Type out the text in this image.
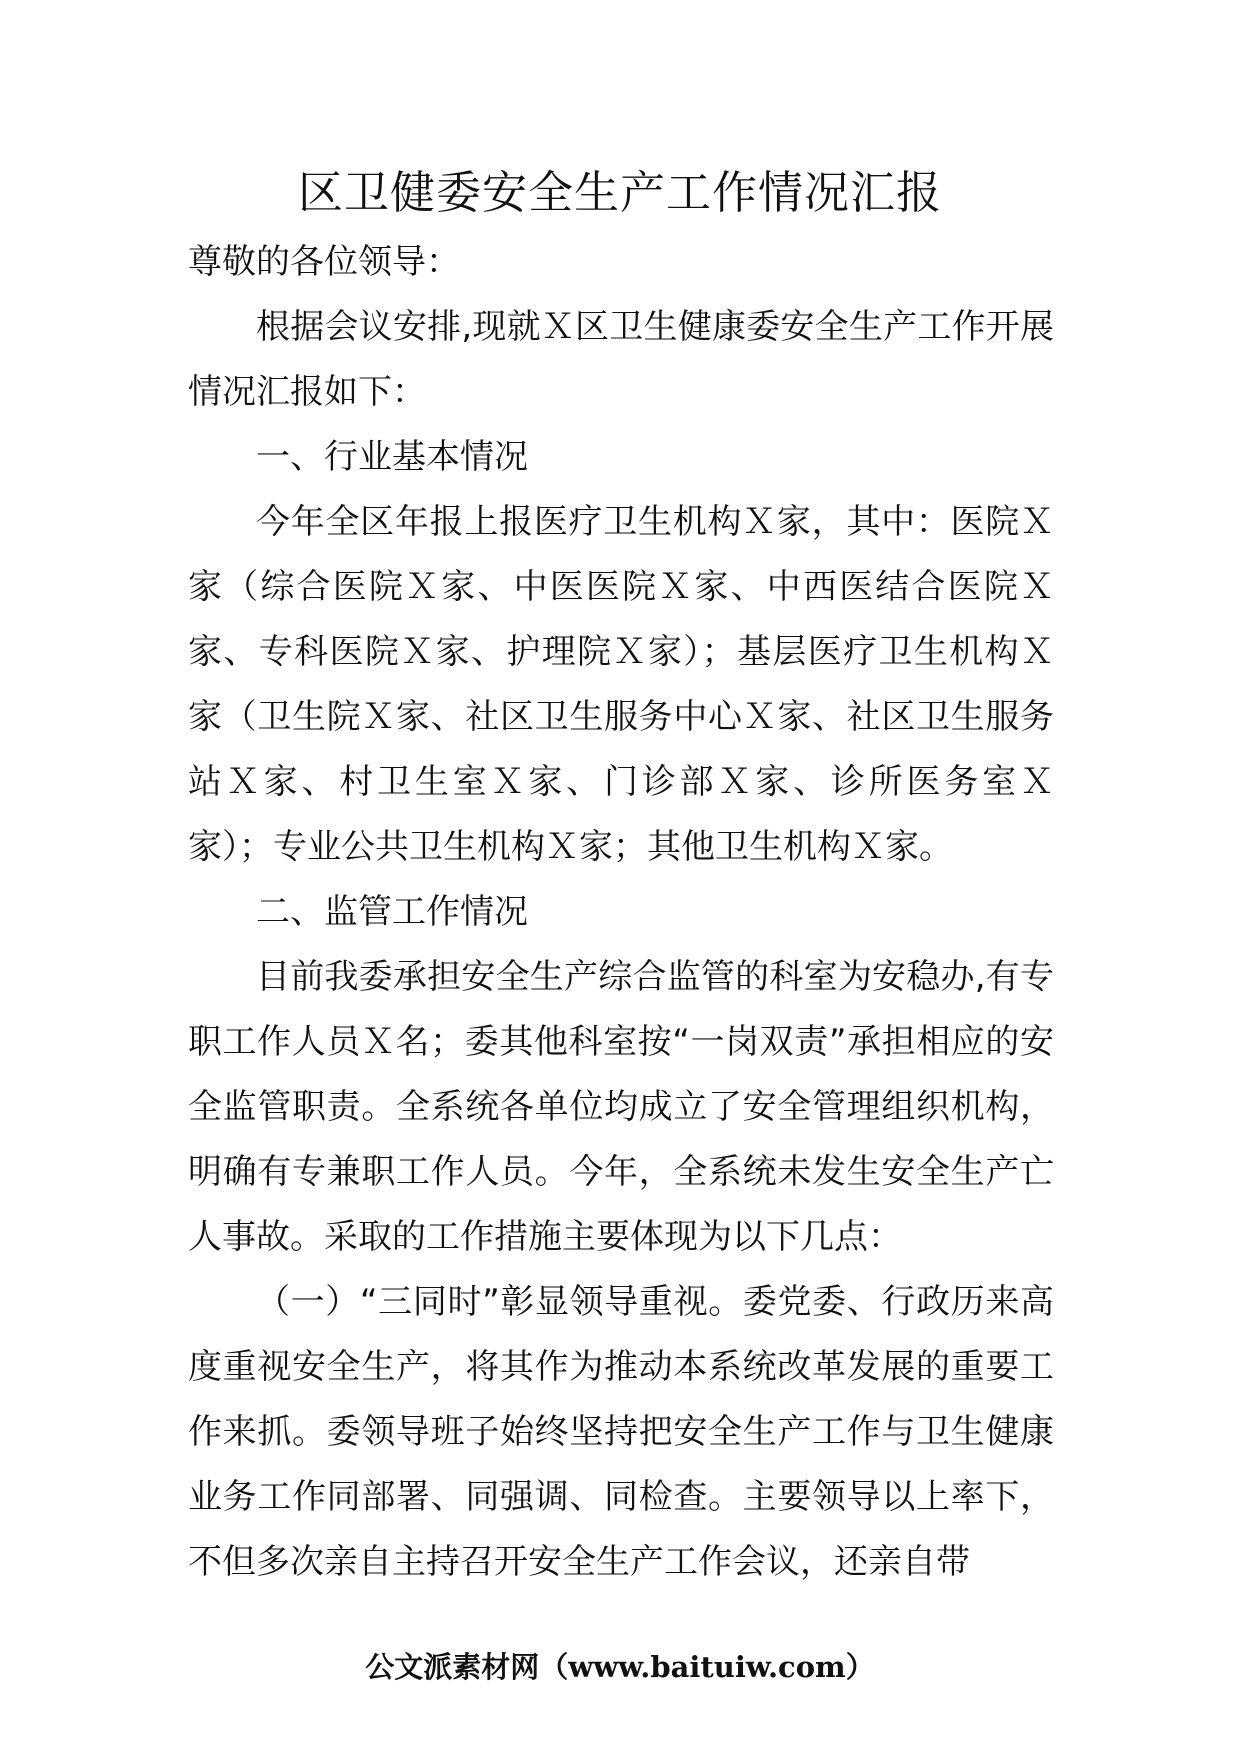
区卫健委安全生产工作情况汇报

尊敬的各位领导：

根据会议安排,现就Ｘ区卫生健康委安全生产工作开展情况汇报如下：

一、行业基本情况

今年全区年报上报医疗卫生机构Ｘ家，其中：医院Ｘ家（综合医院Ｘ家、中医医院Ｘ家、中西医结合医院Ｘ家、专科医院Ｘ家、护理院Ｘ家）；基层医疗卫生机构Ｘ家（卫生院Ｘ家、社区卫生服务中心Ｘ家、社区卫生服务站Ｘ家、村卫生室Ｘ家、门诊部Ｘ家、诊所医务室Ｘ家）；专业公共卫生机构Ｘ家；其他卫生机构Ｘ家。

二、监管工作情况

目前我委承担安全生产综合监管的科室为安稳办,有专职工作人员Ｘ名；委其他科室按“一岗双责”承担相应的安全监管职责。全系统各单位均成立了安全管理组织机构，明确有专兼职工作人员。今年，全系统未发生安全生产亡人事故。采取的工作措施主要体现为以下几点：

（一）“三同时”彰显领导重视。委党委、行政历来高度重视安全生产，将其作为推动本系统改革发展的重要工作来抓。委领导班子始终坚持把安全生产工作与卫生健康业务工作同部署、同强调、同检查。主要领导以上率下，不但多次亲自主持召开安全生产工作会议，还亲自带

公文派素材网（www.baituiw.com）
